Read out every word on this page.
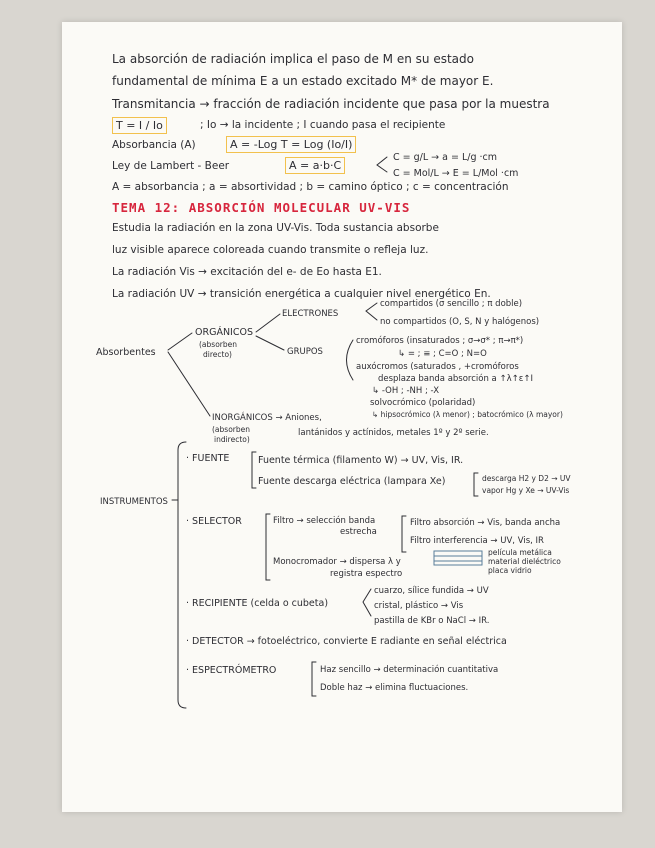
La absorción de radiación implica el paso de M en su estado
fundamental de mínima E a un estado excitado M* de mayor E.
Transmitancia → fracción de radiación incidente que pasa por la muestra
T = I / Io	; Io → la incidente ; I cuando pasa el recipiente
Absorbancia (A)	A = -Log T = Log (Io/I)
Ley de Lambert - Beer	A = a·b·C
C = g/L → a = L/g ·cm
C = Mol/L → E = L/Mol ·cm
A = absorbancia ; a = absortividad ; b = camino óptico ; c = concentración
TEMA 12: ABSORCIÓN MOLECULAR UV-VIS
Estudia la radiación en la zona UV-Vis. Toda sustancia absorbe
luz visible aparece coloreada cuando transmite o refleja luz.
La radiación Vis → excitación del e- de Eo hasta E1.
La radiación UV → transición energética a cualquier nivel energético En.
Absorbentes
ORGÁNICOS
(absorben
directo)
ELECTRONES
compartidos (σ sencillo ; π doble)
no compartidos (O, S, N y halógenos)
GRUPOS
cromóforos (insaturados ; σ→σ* ; π→π*)
↳ = ; ≡ ; C=O ; N=O
auxócromos (saturados , +cromóforos
desplaza banda absorción a ↑λ↑ε↑I
↳ -OH ; -NH ; -X
solvocrómico (polaridad)
↳ hipsocrómico (λ menor) ; batocrómico (λ mayor)
INORGÁNICOS → Aniones,
(absorben
indirecto)
lantánidos y actínidos, metales 1º y 2º serie.
INSTRUMENTOS
· FUENTE	Fuente térmica (filamento W) → UV, Vis, IR.
Fuente descarga eléctrica (lampara Xe)	descarga H2 y D2 → UV
vapor Hg y Xe → UV-Vis
· SELECTOR	Filtro → selección banda
estrecha
Filtro absorción → Vis, banda ancha
Filtro interferencia → UV, Vis, IR
película metálica
material dieléctrico
placa vidrio
Monocromador → dispersa λ y
registra espectro
· RECIPIENTE (celda o cubeta)
cuarzo, sílice fundida → UV
cristal, plástico → Vis
pastilla de KBr o NaCl → IR.
· DETECTOR → fotoeléctrico, convierte E radiante en señal eléctrica
· ESPECTRÓMETRO	Haz sencillo → determinación cuantitativa
Doble haz → elimina fluctuaciones.
